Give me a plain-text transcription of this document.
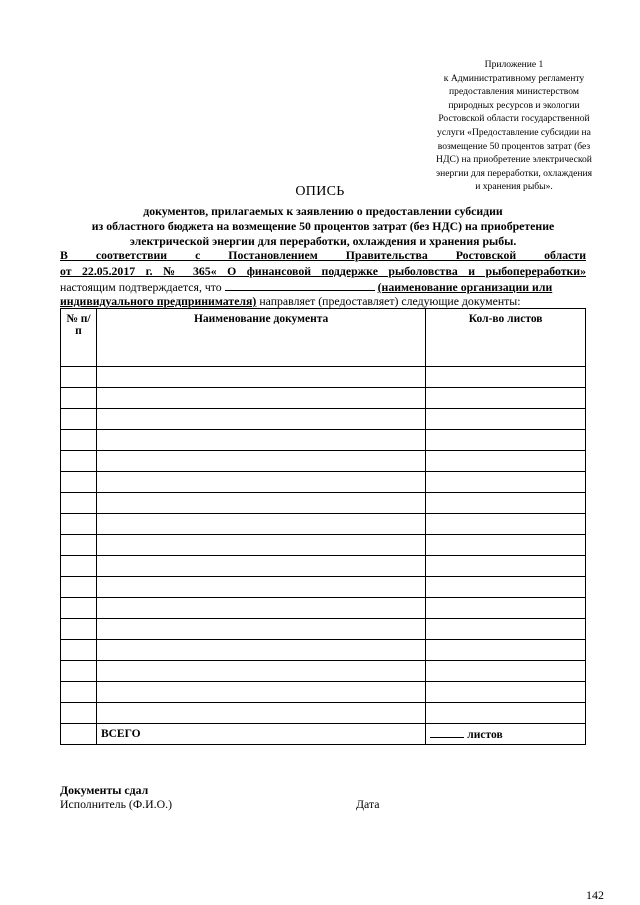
Приложение 1
к Административному регламенту
предоставления министерством
природных ресурсов и экологии
Ростовской области государственной
услуги «Предоставление субсидии на
возмещение 50 процентов затрат (без
НДС) на приобретение электрической
энергии для переработки, охлаждения
и хранения рыбы».
ОПИСЬ
документов, прилагаемых к заявлению о предоставлении субсидии
из областного бюджета на возмещение 50 процентов затрат (без НДС) на приобретение
электрической энергии для переработки, охлаждения и хранения рыбы.
В соответствии с Постановлением Правительства Ростовской области
от 22.05.2017 г. № 365« О финансовой поддержке рыболовства и рыбопереработки»
настоящим подтверждается, что	(наименование организации или
индивидуального предпринимателя) направляет (предоставляет) следующие документы:
№ п/п	Наименование документа	Кол-во листов

	ВСЕГО	листов
Документы сдал
Исполнитель (Ф.И.О.)	Дата
142
